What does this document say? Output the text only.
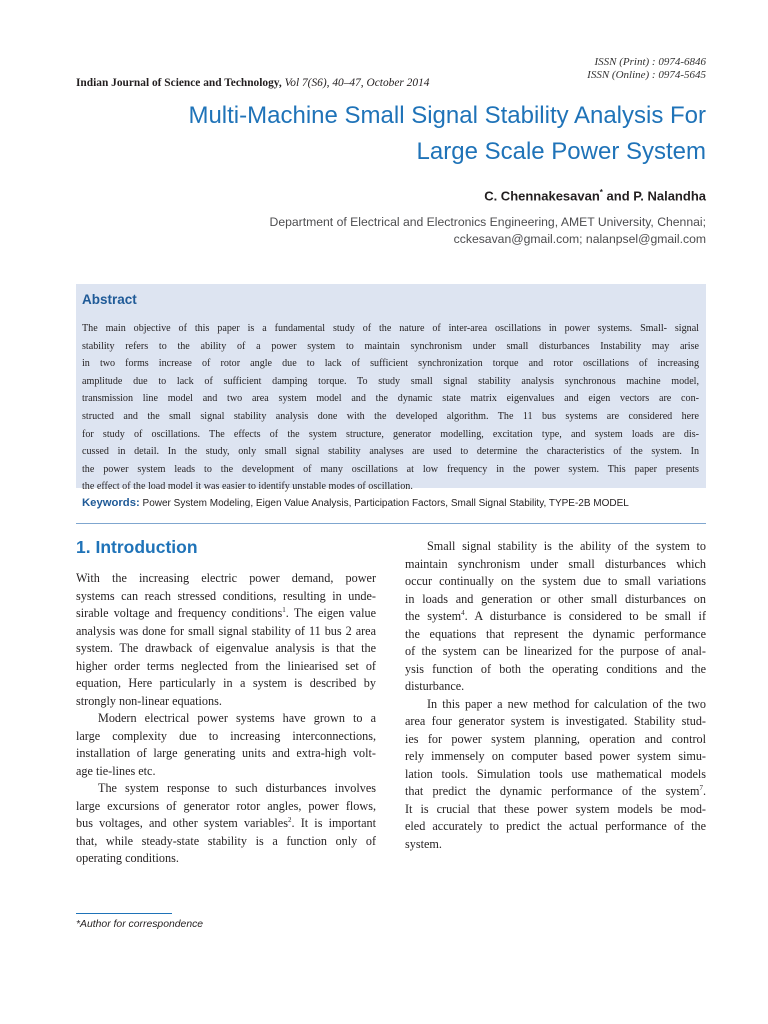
ISSN (Print) : 0974-6846
ISSN (Online) : 0974-5645
Indian Journal of Science and Technology, Vol 7(S6), 40–47, October 2014
Multi-Machine Small Signal Stability Analysis For
Large Scale Power System
C. Chennakesavan* and P. Nalandha
Department of Electrical and Electronics Engineering, AMET University, Chennai;
cckesavan@gmail.com; nalanpsel@gmail.com
Abstract
The main objective of this paper is a fundamental study of the nature of inter-area oscillations in power systems. Small- signal
stability refers to the ability of a power system to maintain synchronism under small disturbances Instability may arise
in two forms increase of rotor angle due to lack of sufficient synchronization torque and rotor oscillations of increasing
amplitude due to lack of sufficient damping torque. To study small signal stability analysis synchronous machine model,
transmission line model and two area system model and the dynamic state matrix eigenvalues and eigen vectors are con-
structed and the small signal stability analysis done with the developed algorithm. The 11 bus systems are considered here
for study of oscillations. The effects of the system structure, generator modelling, excitation type, and system loads are dis-
cussed in detail. In the study, only small signal stability analyses are used to determine the characteristics of the system. In
the power system leads to the development of many oscillations at low frequency in the power system. This paper presents
the effect of the load model it was easier to identify unstable modes of oscillation.
Keywords: Power System Modeling, Eigen Value Analysis, Participation Factors, Small Signal Stability, TYPE-2B MODEL
1. Introduction

With the increasing electric power demand, power
systems can reach stressed conditions, resulting in unde-
sirable voltage and frequency conditions$^1$. The eigen value
analysis was done for small signal stability of 11 bus 2 area
system. The drawback of eigenvalue analysis is that the
higher order terms neglected from the liniearised set of
equation, Here particularly in a system is described by
strongly non-linear equations.

Modern electrical power systems have grown to a
large complexity due to increasing interconnections,
installation of large generating units and extra-high volt-
age tie-lines etc.

The system response to such disturbances involves
large excursions of generator rotor angles, power flows,
bus voltages, and other system variables$^2$. It is important
that, while steady-state stability is a function only of
operating conditions.

Small signal stability is the ability of the system to
maintain synchronism under small disturbances which
occur continually on the system due to small variations
in loads and generation or other small disturbances on
the system$^4$. A disturbance is considered to be small if
the equations that represent the dynamic performance
of the system can be linearized for the purpose of anal-
ysis function of both the operating conditions and the
disturbance.

In this paper a new method for calculation of the two
area four generator system is investigated. Stability stud-
ies for power system planning, operation and control
rely immensely on computer based power system simu-
lation tools. Simulation tools use mathematical models
that predict the dynamic performance of the system$^7$.
It is crucial that these power system models be mod-
eled accurately to predict the actual performance of the
system.

*Author for correspondence
